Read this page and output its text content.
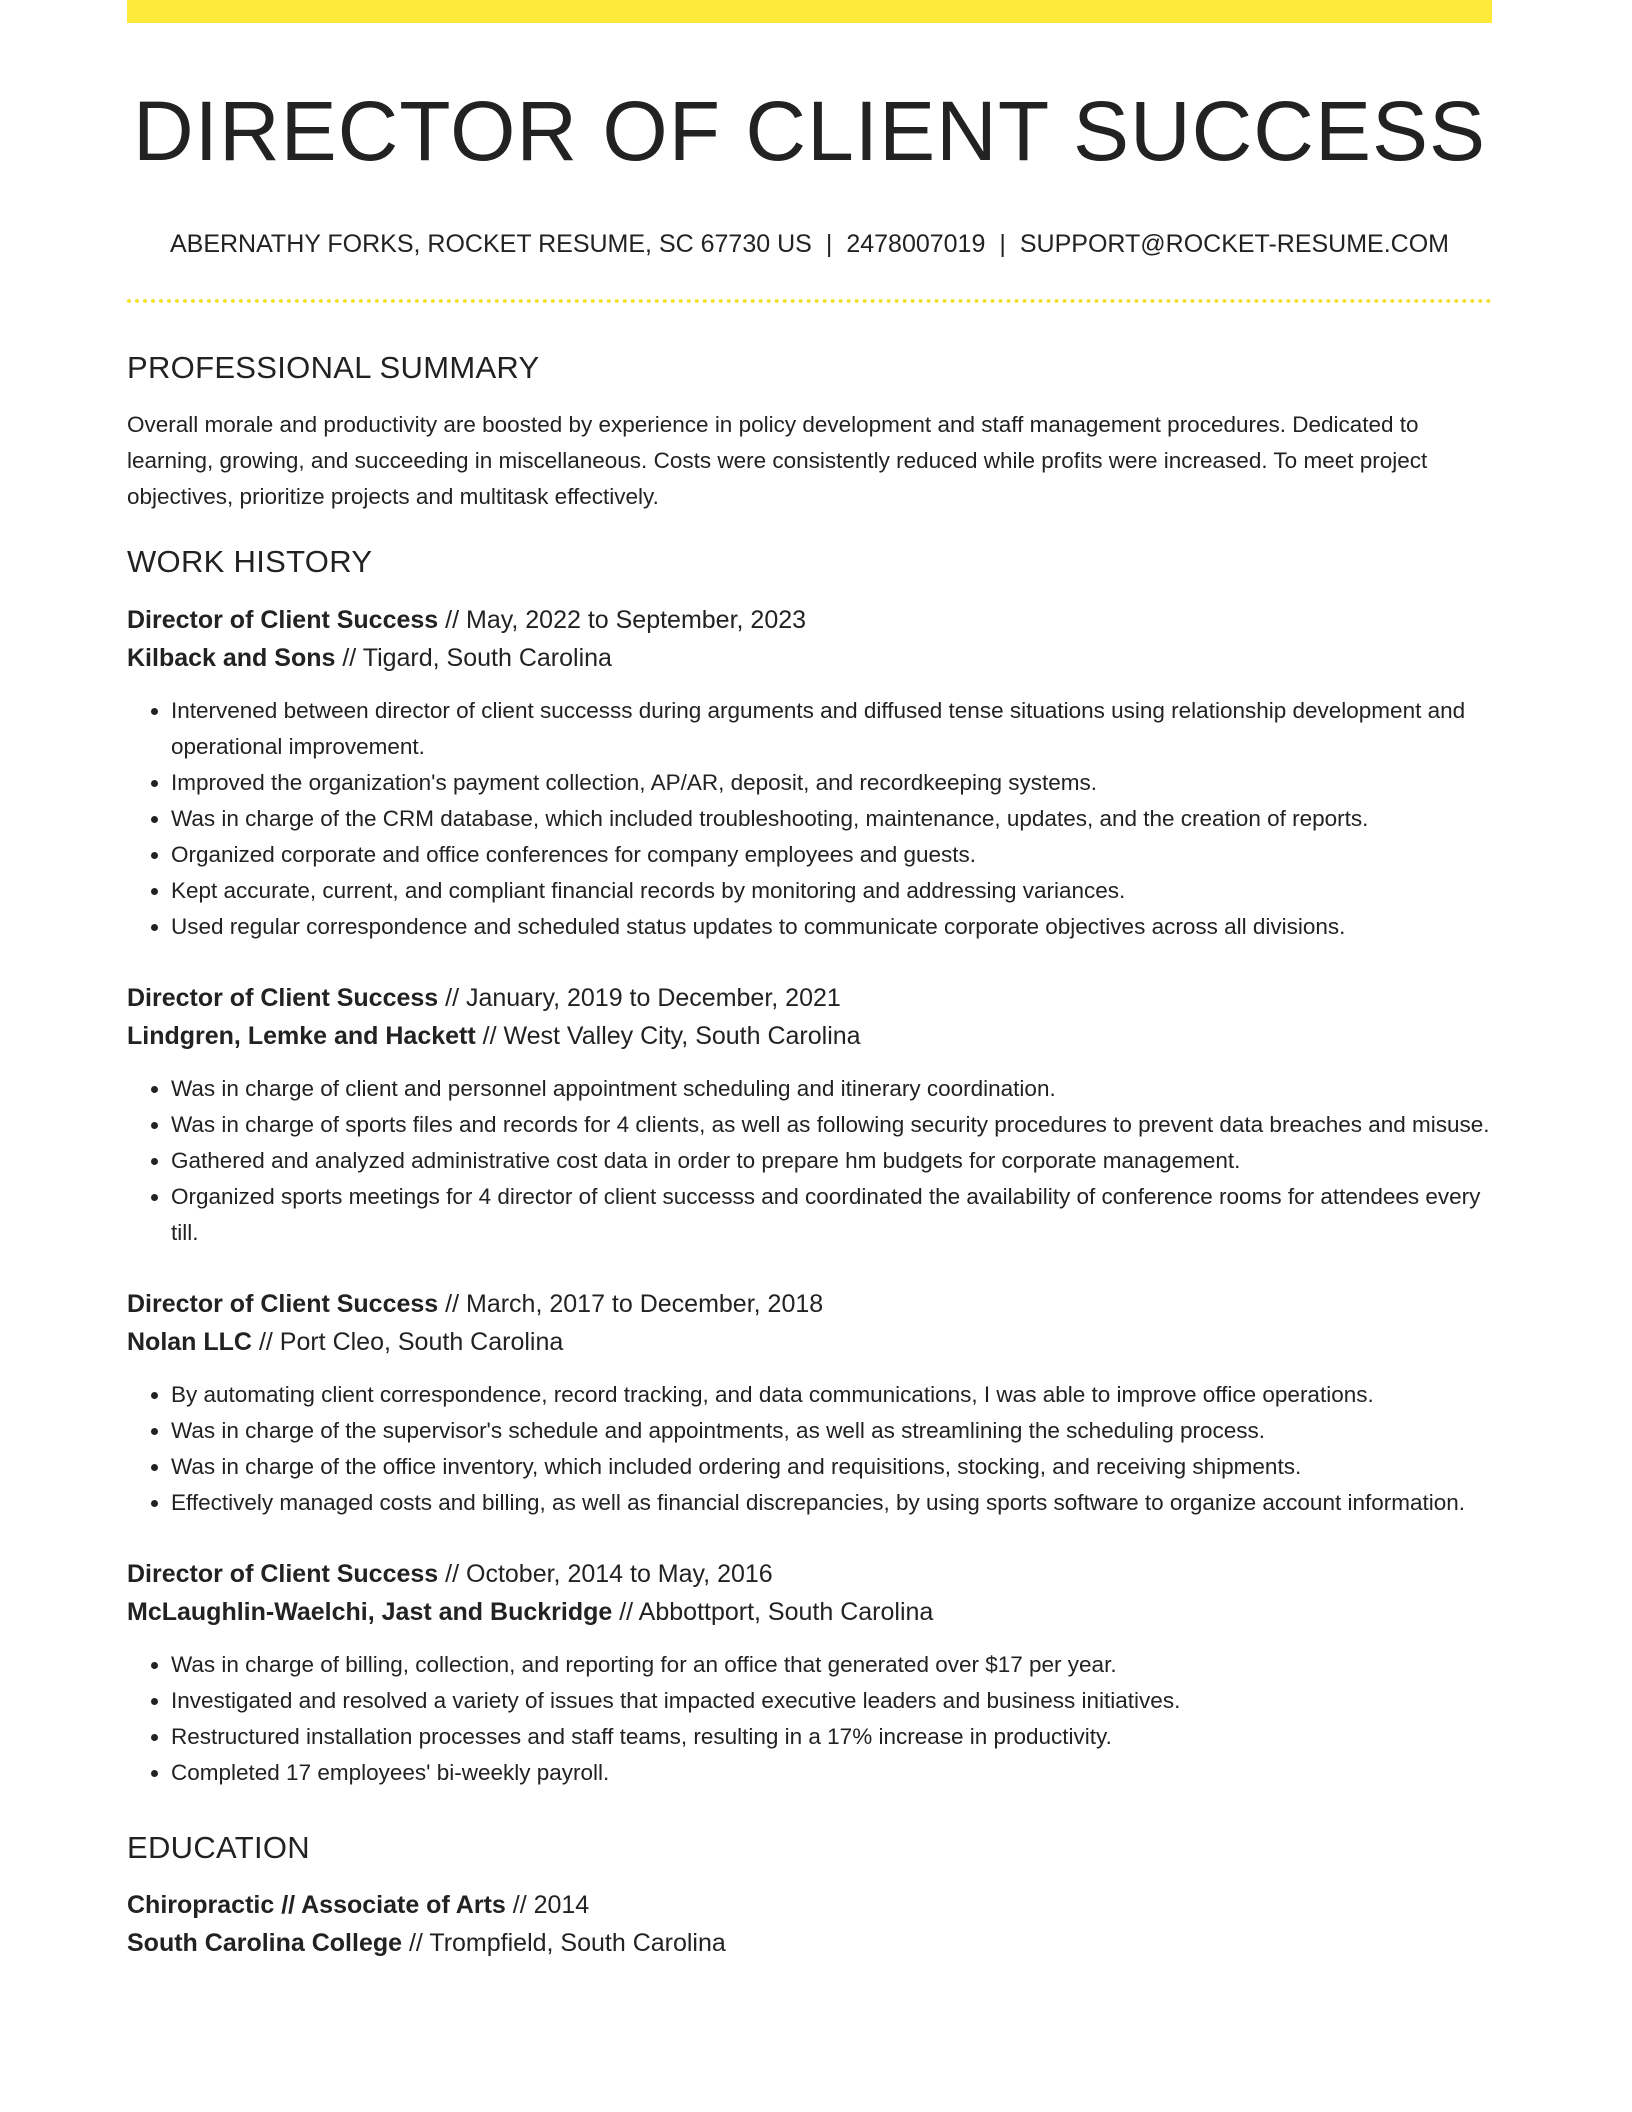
DIRECTOR OF CLIENT SUCCESS
ABERNATHY FORKS, ROCKET RESUME, SC 67730 US | 2478007019 | SUPPORT@ROCKET-RESUME.COM
PROFESSIONAL SUMMARY

Overall morale and productivity are boosted by experience in policy development and staff management procedures. Dedicated to learning, growing, and succeeding in miscellaneous. Costs were consistently reduced while profits were increased. To meet project objectives, prioritize projects and multitask effectively.

WORK HISTORY
Director of Client Success // May, 2022 to September, 2023
Kilback and Sons // Tigard, South Carolina
• Intervened between director of client successs during arguments and diffused tense situations using relationship development and operational improvement.
• Improved the organization's payment collection, AP/AR, deposit, and recordkeeping systems.
• Was in charge of the CRM database, which included troubleshooting, maintenance, updates, and the creation of reports.
• Organized corporate and office conferences for company employees and guests.
• Kept accurate, current, and compliant financial records by monitoring and addressing variances.
• Used regular correspondence and scheduled status updates to communicate corporate objectives across all divisions.
Director of Client Success // January, 2019 to December, 2021
Lindgren, Lemke and Hackett // West Valley City, South Carolina
• Was in charge of client and personnel appointment scheduling and itinerary coordination.
• Was in charge of sports files and records for 4 clients, as well as following security procedures to prevent data breaches and misuse.
• Gathered and analyzed administrative cost data in order to prepare hm budgets for corporate management.
• Organized sports meetings for 4 director of client successs and coordinated the availability of conference rooms for attendees every till.
Director of Client Success // March, 2017 to December, 2018
Nolan LLC // Port Cleo, South Carolina
• By automating client correspondence, record tracking, and data communications, I was able to improve office operations.
• Was in charge of the supervisor's schedule and appointments, as well as streamlining the scheduling process.
• Was in charge of the office inventory, which included ordering and requisitions, stocking, and receiving shipments.
• Effectively managed costs and billing, as well as financial discrepancies, by using sports software to organize account information.
Director of Client Success // October, 2014 to May, 2016
McLaughlin-Waelchi, Jast and Buckridge // Abbottport, South Carolina
• Was in charge of billing, collection, and reporting for an office that generated over $17 per year.
• Investigated and resolved a variety of issues that impacted executive leaders and business initiatives.
• Restructured installation processes and staff teams, resulting in a 17% increase in productivity.
• Completed 17 employees' bi-weekly payroll.
EDUCATION
Chiropractic // Associate of Arts // 2014
South Carolina College // Trompfield, South Carolina
